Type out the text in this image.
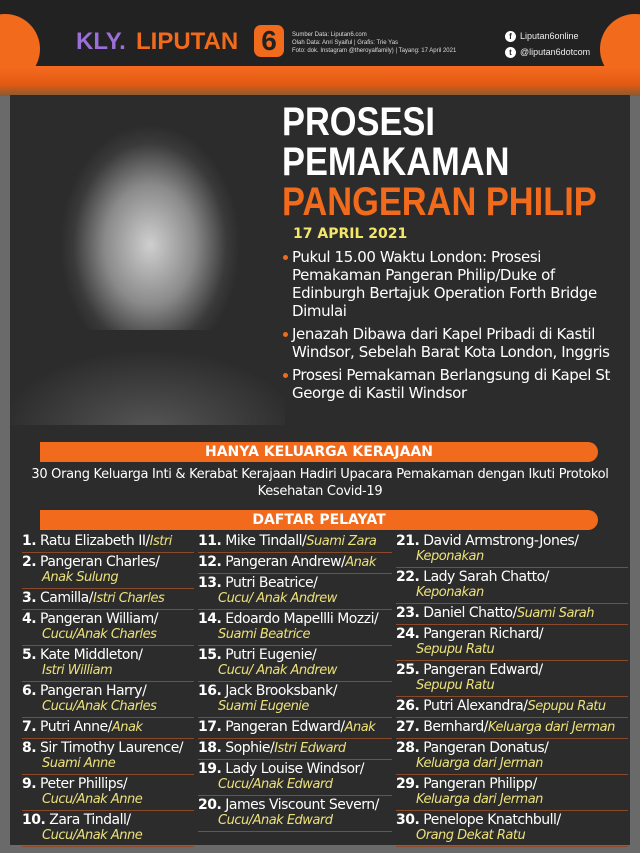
KLY. LIPUTAN 6	Sumber Data: Liputan6.com
Olah Data: Anri Syaiful | Grafis: Trie Yas
Foto: dok. Instagram @theroyalfamily) | Tayang: 17 April 2021
f Liputan6online
t @liputan6dotcom
PROSESI
PEMAKAMAN
PANGERAN PHILIP
17 APRIL 2021
Pukul 15.00 Waktu London: Prosesi Pemakaman Pangeran Philip/Duke of Edinburgh Bertajuk Operation Forth Bridge Dimulai
Jenazah Dibawa dari Kapel Pribadi di Kastil Windsor, Sebelah Barat Kota London, Inggris
Prosesi Pemakaman Berlangsung di Kapel St George di Kastil Windsor
HANYA KELUARGA KERAJAAN
30 Orang Keluarga Inti & Kerabat Kerajaan Hadiri Upacara Pemakaman dengan Ikuti Protokol Kesehatan Covid-19
DAFTAR PELAYAT
1. Ratu Elizabeth II/Istri
2. Pangeran Charles/
Anak Sulung
3. Camilla/Istri Charles
4. Pangeran William/
Cucu/Anak Charles
5. Kate Middleton/
Istri William
6. Pangeran Harry/
Cucu/Anak Charles
7. Putri Anne/Anak
8. Sir Timothy Laurence/
Suami Anne
9. Peter Phillips/
Cucu/Anak Anne
10. Zara Tindall/
Cucu/Anak Anne
11. Mike Tindall/Suami Zara
12. Pangeran Andrew/Anak
13. Putri Beatrice/
Cucu/ Anak Andrew
14. Edoardo Mapellli Mozzi/
Suami Beatrice
15. Putri Eugenie/
Cucu/ Anak Andrew
16. Jack Brooksbank/
Suami Eugenie
17. Pangeran Edward/Anak
18. Sophie/Istri Edward
19. Lady Louise Windsor/
Cucu/Anak Edward
20. James Viscount Severn/
Cucu/Anak Edward
21. David Armstrong-Jones/
Keponakan
22. Lady Sarah Chatto/
Keponakan
23. Daniel Chatto/Suami Sarah
24. Pangeran Richard/
Sepupu Ratu
25. Pangeran Edward/
Sepupu Ratu
26. Putri Alexandra/Sepupu Ratu
27. Bernhard/Keluarga dari Jerman
28. Pangeran Donatus/
Keluarga dari Jerman
29. Pangeran Philipp/
Keluarga dari Jerman
30. Penelope Knatchbull/
Orang Dekat Ratu
